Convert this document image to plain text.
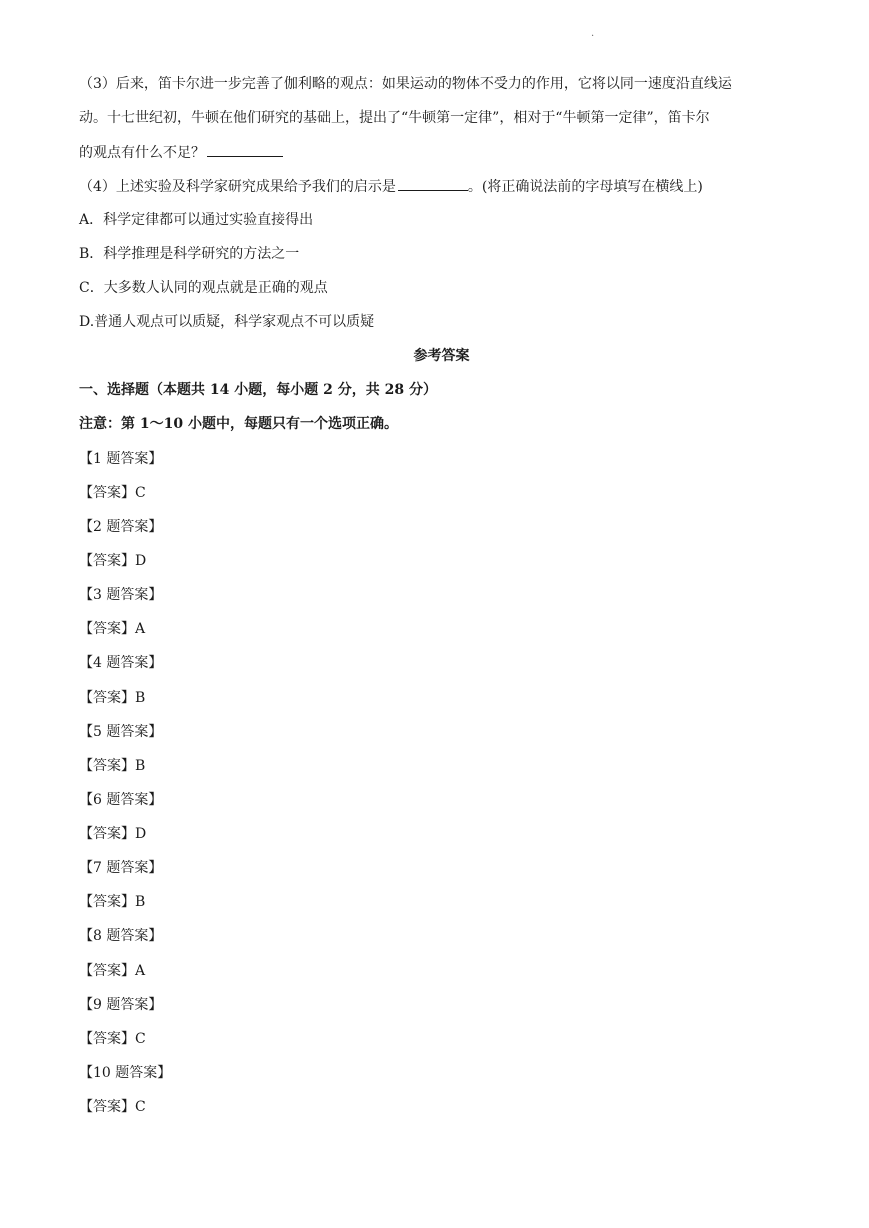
.
（3）后来，笛卡尔进一步完善了伽利略的观点：如果运动的物体不受力的作用，它将以同一速度沿直线运
动。十七世纪初，牛顿在他们研究的基础上，提出了“牛顿第一定律”，相对于“牛顿第一定律”，笛卡尔
的观点有什么不足？
（4）上述实验及科学家研究成果给予我们的启示是	。(将正确说法前的字母填写在横线上)
A．科学定律都可以通过实验直接得出
B．科学推理是科学研究的方法之一
C．大多数人认同的观点就是正确的观点
D.普通人观点可以质疑，科学家观点不可以质疑
参考答案
一、选择题（本题共 14 小题，每小题 2 分，共 28 分）
注意：第 1～10 小题中，每题只有一个选项正确。
【1 题答案】
【答案】C
【2 题答案】
【答案】D
【3 题答案】
【答案】A
【4 题答案】
【答案】B
【5 题答案】
【答案】B
【6 题答案】
【答案】D
【7 题答案】
【答案】B
【8 题答案】
【答案】A
【9 题答案】
【答案】C
【10 题答案】
【答案】C
